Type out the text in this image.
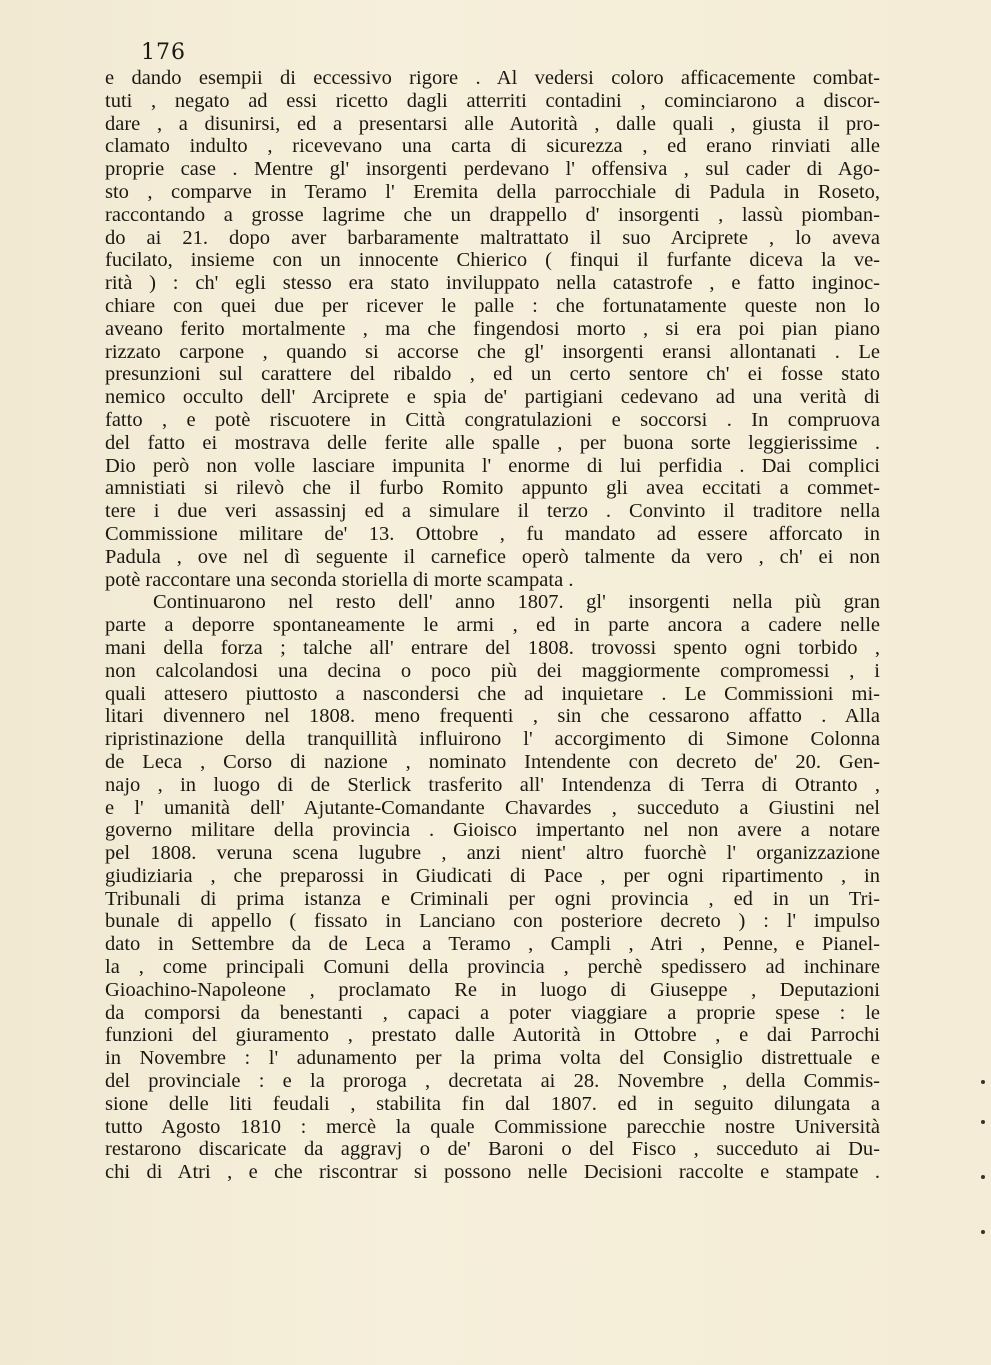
176
e dando esempii di eccessivo rigore . Al vedersi coloro afficacemente combat-
tuti , negato ad essi ricetto dagli atterriti contadini , cominciarono a discor-
dare , a disunirsi, ed a presentarsi alle Autorità , dalle quali , giusta il pro-
clamato indulto , ricevevano una carta di sicurezza , ed erano rinviati alle
proprie case . Mentre gl' insorgenti perdevano l' offensiva , sul cader di Ago-
sto , comparve in Teramo l' Eremita della parrocchiale di Padula in Roseto,
raccontando a grosse lagrime che un drappello d' insorgenti , lassù piomban-
do ai 21. dopo aver barbaramente maltrattato il suo Arciprete , lo aveva
fucilato, insieme con un innocente Chierico ( finqui il furfante diceva la ve-
rità ) : ch' egli stesso era stato inviluppato nella catastrofe , e fatto inginoc-
chiare con quei due per ricever le palle : che fortunatamente queste non lo
aveano ferito mortalmente , ma che fingendosi morto , si era poi pian piano
rizzato carpone , quando si accorse che gl' insorgenti eransi allontanati . Le
presunzioni sul carattere del ribaldo , ed un certo sentore ch' ei fosse stato
nemico occulto dell' Arciprete e spia de' partigiani cedevano ad una verità di
fatto , e potè riscuotere in Città congratulazioni e soccorsi . In compruova
del fatto ei mostrava delle ferite alle spalle , per buona sorte leggierissime .
Dio però non volle lasciare impunita l' enorme di lui perfidia . Dai complici
amnistiati si rilevò che il furbo Romito appunto gli avea eccitati a commet-
tere i due veri assassinj ed a simulare il terzo . Convinto il traditore nella
Commissione militare de' 13. Ottobre , fu mandato ad essere afforcato in
Padula , ove nel dì seguente il carnefice operò talmente da vero , ch' ei non
potè raccontare una seconda storiella di morte scampata .
Continuarono nel resto dell' anno 1807. gl' insorgenti nella più gran
parte a deporre spontaneamente le armi , ed in parte ancora a cadere nelle
mani della forza ; talche all' entrare del 1808. trovossi spento ogni torbido ,
non calcolandosi una decina o poco più dei maggiormente compromessi , i
quali attesero piuttosto a nascondersi che ad inquietare . Le Commissioni mi-
litari divennero nel 1808. meno frequenti , sin che cessarono affatto . Alla
ripristinazione della tranquillità influirono l' accorgimento di Simone Colonna
de Leca , Corso di nazione , nominato Intendente con decreto de' 20. Gen-
najo , in luogo di de Sterlick trasferito all' Intendenza di Terra di Otranto ,
e l' umanità dell' Ajutante-Comandante Chavardes , succeduto a Giustini nel
governo militare della provincia . Gioisco impertanto nel non avere a notare
pel 1808. veruna scena lugubre , anzi nient' altro fuorchè l' organizzazione
giudiziaria , che preparossi in Giudicati di Pace , per ogni ripartimento , in
Tribunali di prima istanza e Criminali per ogni provincia , ed in un Tri-
bunale di appello ( fissato in Lanciano con posteriore decreto ) : l' impulso
dato in Settembre da de Leca a Teramo , Campli , Atri , Penne, e Pianel-
la , come principali Comuni della provincia , perchè spedissero ad inchinare
Gioachino-Napoleone , proclamato Re in luogo di Giuseppe , Deputazioni
da comporsi da benestanti , capaci a poter viaggiare a proprie spese : le
funzioni del giuramento , prestato dalle Autorità in Ottobre , e dai Parrochi
in Novembre : l' adunamento per la prima volta del Consiglio distrettuale e
del provinciale : e la proroga , decretata ai 28. Novembre , della Commis-
sione delle liti feudali , stabilita fin dal 1807. ed in seguito dilungata a
tutto Agosto 1810 : mercè la quale Commissione parecchie nostre Università
restarono discaricate da aggravj o de' Baroni o del Fisco , succeduto ai Du-
chi di Atri , e che riscontrar si possono nelle Decisioni raccolte e stampate .
